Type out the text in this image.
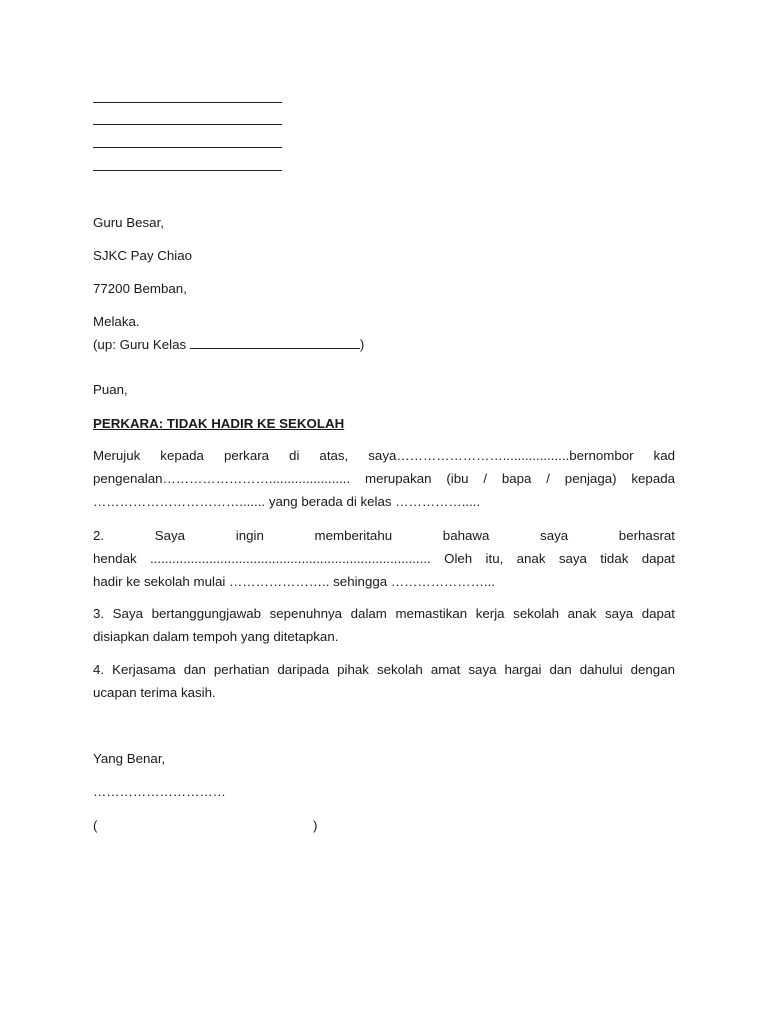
Guru Besar,
SJKC Pay Chiao
77200 Bemban,
Melaka.
(up: Guru Kelas	)
Puan,
PERKARA: TIDAK HADIR KE SEKOLAH
Merujuk kepada perkara di atas, saya……………………..................bernombor kad
pengenalan……………………...................... merupakan (ibu / bapa / penjaga) kepada
……………………………....... yang berada di kelas …………….....
2. Saya ingin memberitahu bahawa saya berhasrat
hendak ............................................................................ Oleh itu, anak saya tidak dapat
hadir ke sekolah mulai ………………….. sehingga …………………...
3. Saya bertanggungjawab sepenuhnya dalam memastikan kerja sekolah anak saya dapat
disiapkan dalam tempoh yang ditetapkan.
4. Kerjasama dan perhatian daripada pihak sekolah amat saya hargai dan dahului dengan
ucapan terima kasih.
Yang Benar,
…………………………
(	)
